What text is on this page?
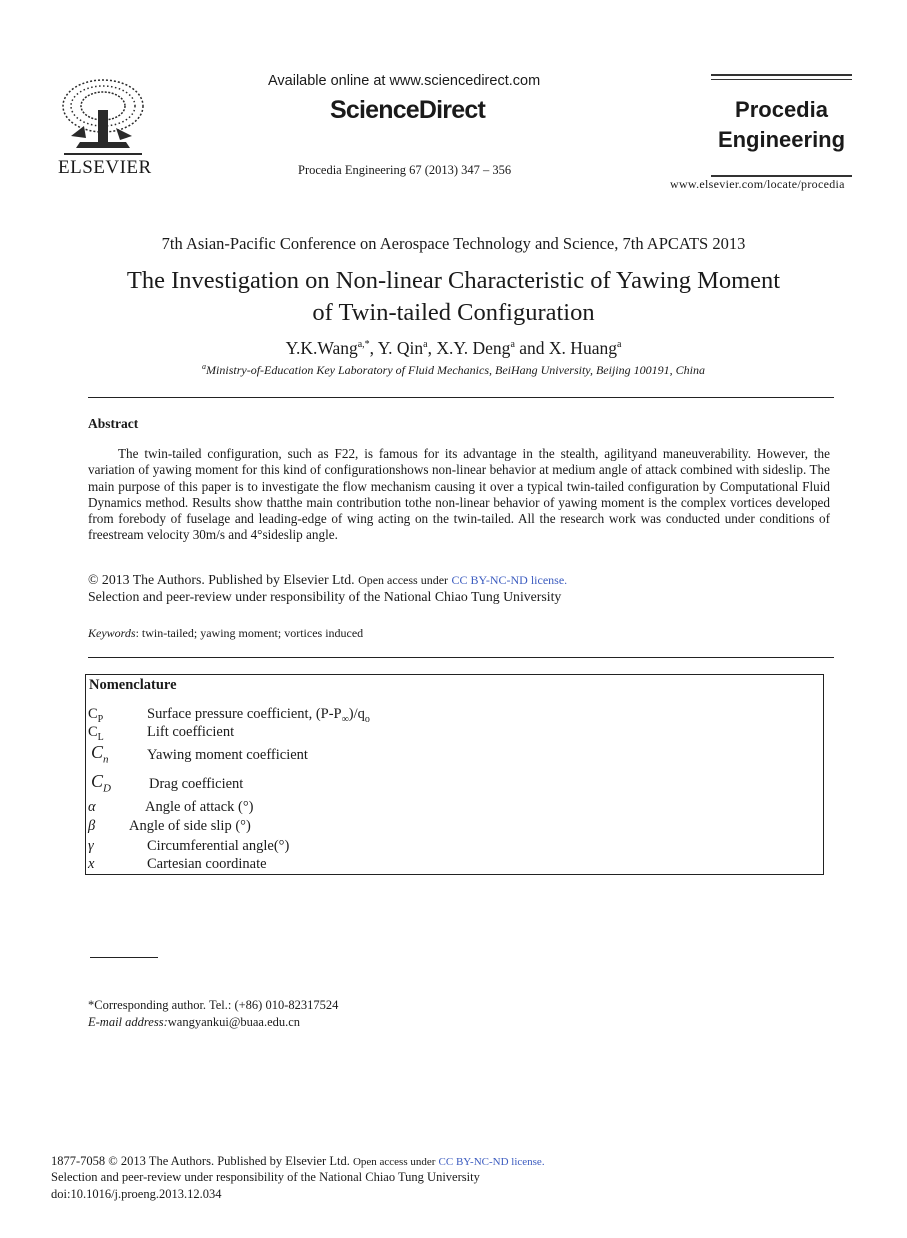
ELSEVIER
Available online at www.sciencedirect.com
ScienceDirect
Procedia Engineering 67 (2013) 347 – 356
Procedia
Engineering
www.elsevier.com/locate/procedia
7th Asian-Pacific Conference on Aerospace Technology and Science, 7th APCATS 2013
The Investigation on Non-linear Characteristic of Yawing Moment
of Twin-tailed Configuration
Y.K.Wang$^{a,*}$, Y. Qin$^a$, X.Y. Deng$^a$ and X. Huang$^a$
$^a$Ministry-of-Education Key Laboratory of Fluid Mechanics, BeiHang University, Beijing 100191, China
Abstract
The twin-tailed configuration, such as F22, is famous for its advantage in the stealth, agilityand maneuverability. However, the variation of yawing moment for this kind of configurationshows non-linear behavior at medium angle of attack combined with sideslip. The main purpose of this paper is to investigate the flow mechanism causing it over a typical twin-tailed configuration by Computational Fluid Dynamics method. Results show thatthe main contribution tothe non-linear behavior of yawing moment is the complex vortices developed from forebody of fuselage and leading-edge of wing acting on the twin-tailed. All the research work was conducted under conditions of freestream velocity 30m/s and 4°sideslip angle.
© 2013 The Authors. Published by Elsevier Ltd. Open access under CC BY-NC-ND license.
Selection and peer-review under responsibility of the National Chiao Tung University
Keywords: twin-tailed; yawing moment; vortices induced
Nomenclature
$C_P$	Surface pressure coefficient, $(P-P_\infty)/q_o$
$C_L$	Lift coefficient
$C_n$	Yawing moment coefficient
$C_D$	Drag coefficient
α	Angle of attack (°)
β Angle of side slip (°)
γ	Circumferential angle(°)
x	Cartesian coordinate
*Corresponding author. Tel.: (+86) 010-82317524
E-mail address:wangyankui@buaa.edu.cn
1877-7058 © 2013 The Authors. Published by Elsevier Ltd. Open access under CC BY-NC-ND license.
Selection and peer-review under responsibility of the National Chiao Tung University
doi:10.1016/j.proeng.2013.12.034
